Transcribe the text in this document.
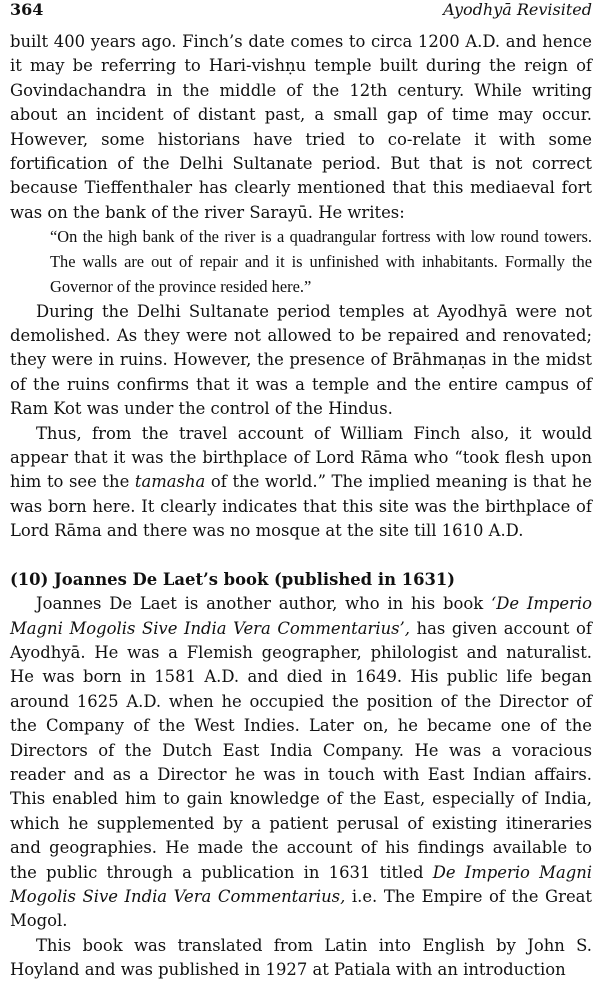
364	Ayodhyā Revisited

built 400 years ago. Finch’s date comes to circa 1200 A.D. and hence it may be referring to Hari-vishṇu temple built during the reign of Govindachandra in the middle of the 12th century. While writing about an incident of distant past, a small gap of time may occur. However, some historians have tried to co-relate it with some fortification of the Delhi Sultanate period. But that is not correct because Tieffenthaler has clearly mentioned that this mediaeval fort was on the bank of the river Sarayū. He writes:

“On the high bank of the river is a quadrangular fortress with low round towers. The walls are out of repair and it is unfinished with inhabitants. Formally the Governor of the province resided here.”

During the Delhi Sultanate period temples at Ayodhyā were not demolished. As they were not allowed to be repaired and renovated; they were in ruins. However, the presence of Brāhmaṇas in the midst of the ruins confirms that it was a temple and the entire campus of Ram Kot was under the control of the Hindus.

Thus, from the travel account of William Finch also, it would appear that it was the birthplace of Lord Rāma who “took flesh upon him to see the tamasha of the world.” The implied meaning is that he was born here. It clearly indicates that this site was the birthplace of Lord Rāma and there was no mosque at the site till 1610 A.D.

(10) Joannes De Laet’s book (published in 1631)

Joannes De Laet is another author, who in his book ‘De Imperio Magni Mogolis Sive India Vera Commentarius’, has given account of Ayodhyā. He was a Flemish geographer, philologist and naturalist. He was born in 1581 A.D. and died in 1649. His public life began around 1625 A.D. when he occupied the position of the Director of the Company of the West Indies. Later on, he became one of the Directors of the Dutch East India Company. He was a voracious reader and as a Director he was in touch with East Indian affairs. This enabled him to gain knowledge of the East, especially of India, which he supplemented by a patient perusal of existing itineraries and geographies. He made the account of his findings available to the public through a publication in 1631 titled De Imperio Magni Mogolis Sive India Vera Commentarius, i.e. The Empire of the Great Mogol.

This book was translated from Latin into English by John S. Hoyland and was published in 1927 at Patiala with an introduction
